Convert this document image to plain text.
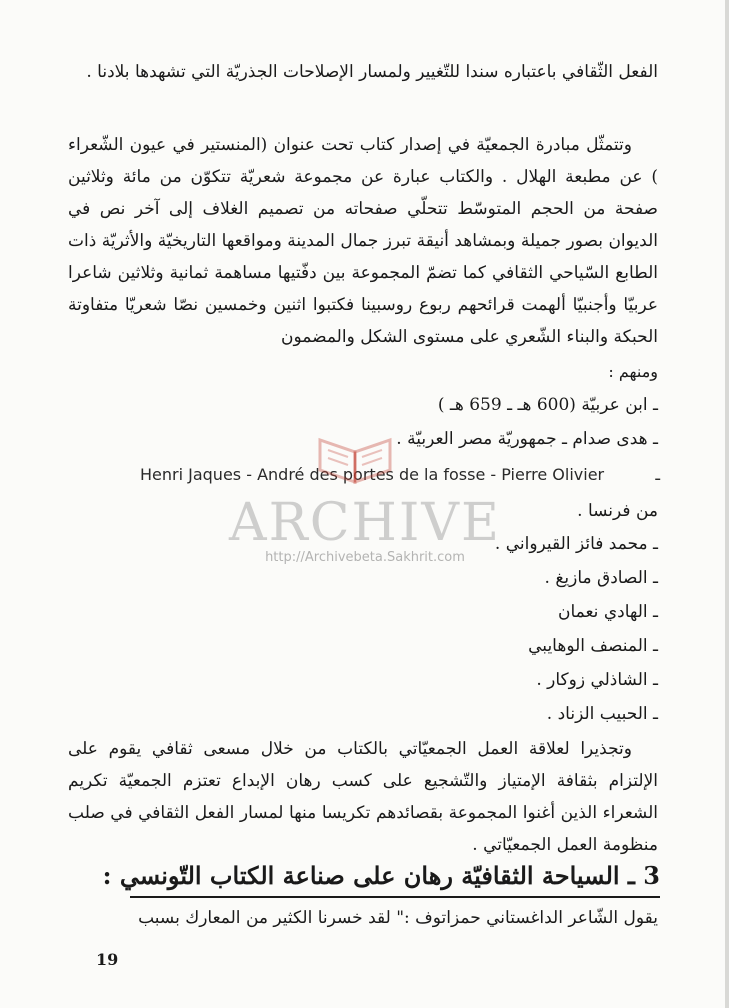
الفعل الثّقافي باعتباره سندا للتّغيير ولمسار الإصلاحات الجذريّة التي تشهدها بلادنا .

وتتمثّل مبادرة الجمعيّة في إصدار كتاب تحت عنوان (المنستير في عيون الشّعراء ) عن مطبعة الهلال . والكتاب عبارة عن مجموعة شعريّة تتكوّن من مائة وثلاثين صفحة من الحجم المتوسّط تتحلّي صفحاته من تصميم الغلاف إلى آخر نص في الديوان بصور جميلة وبمشاهد أنيقة تبرز جمال المدينة ومواقعها التاريخيّة والأثريّة ذات الطابع السّياحي الثقافي كما تضمّ المجموعة بين دفّتيها مساهمة ثمانية وثلاثين شاعرا عربيّا وأجنبيّا ألهمت قرائحهم ربوع روسبينا فكتبوا اثنين وخمسين نصّا شعريّا متفاوتة الحبكة والبناء الشّعري على مستوى الشكل والمضمون

ومنهم :

ـ ابن عربيّة (600 هـ ـ 659 هـ )
ـ هدى صدام ـ جمهوريّة مصر العربيّة .
Henri Jaques - André des portes de la fosse - Pierre Olivier	ـ
من فرنسا .
ـ محمد فائز القيرواني .
ـ الصادق مازيغ .
ـ الهادي نعمان
ـ المنصف الوهايبي
ـ الشاذلي زوكار .
ـ الحبيب الزناد .

وتجذيرا لعلاقة العمل الجمعيّاتي بالكتاب من خلال مسعى ثقافي يقوم على الإلتزام بثقافة الإمتياز والتّشجيع على كسب رهان الإبداع تعتزم الجمعيّة تكريم الشعراء الذين أغنوا المجموعة بقصائدهم تكريسا منها لمسار الفعل الثقافي في صلب منظومة العمل الجمعيّاتي .

3 ـ السياحة الثقافيّة رهان على صناعة الكتاب التّونسي :

يقول الشّاعر الداغستاني حمزاتوف :" لقد خسرنا الكثير من المعارك بسبب

19
ARCHIVE
http://Archivebeta.Sakhrit.com
